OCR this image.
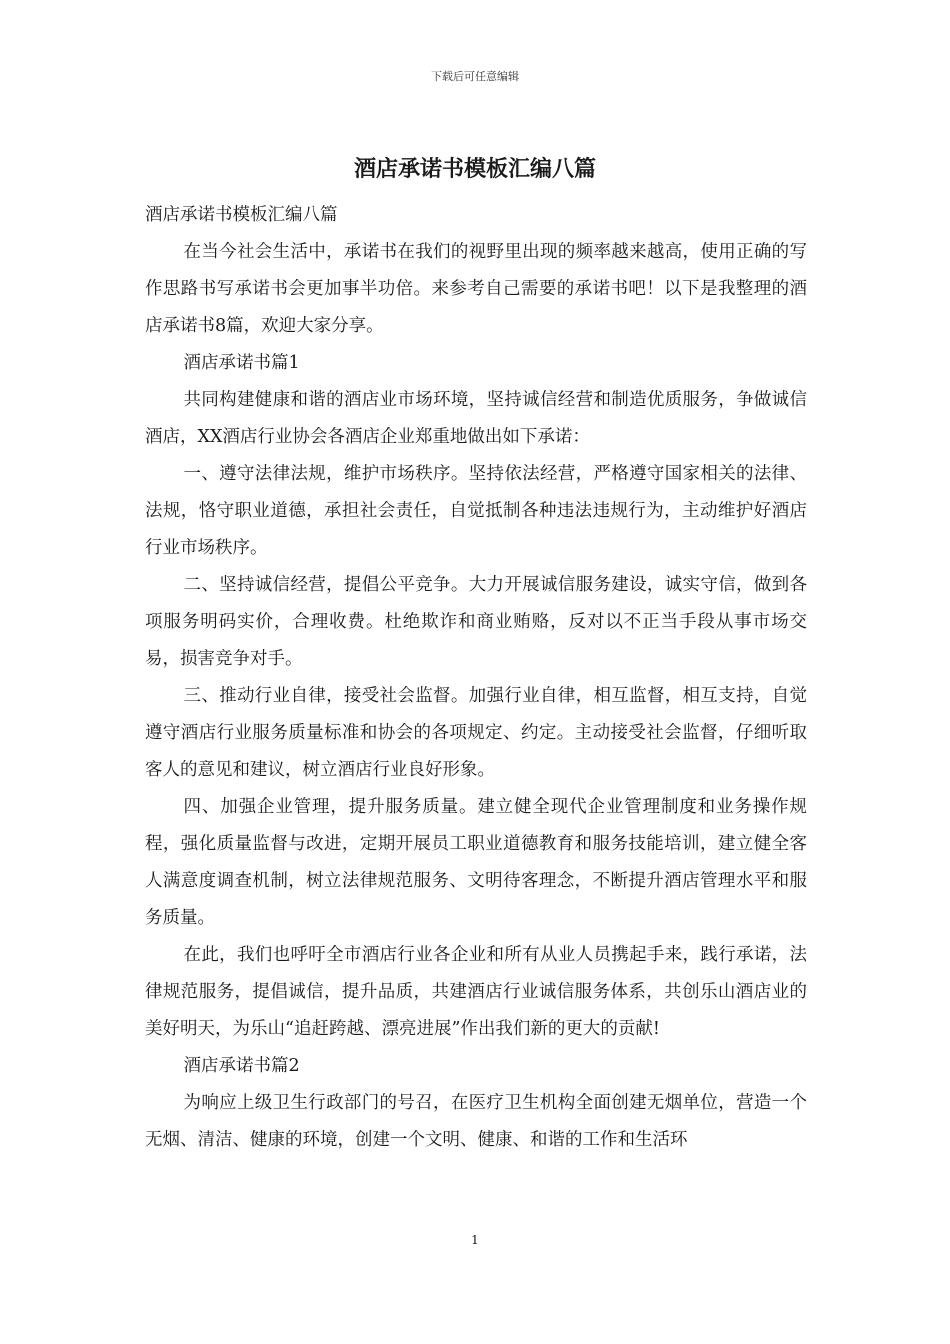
下载后可任意编辑
酒店承诺书模板汇编八篇

酒店承诺书模板汇编八篇

在当今社会生活中，承诺书在我们的视野里出现的频率越来越高，使用正确的写作思路书写承诺书会更加事半功倍。来参考自己需要的承诺书吧！以下是我整理的酒店承诺书8篇，欢迎大家分享。

酒店承诺书篇1

共同构建健康和谐的酒店业市场环境，坚持诚信经营和制造优质服务，争做诚信酒店，XX酒店行业协会各酒店企业郑重地做出如下承诺：

一、遵守法律法规，维护市场秩序。坚持依法经营，严格遵守国家相关的法律、法规，恪守职业道德，承担社会责任，自觉抵制各种违法违规行为，主动维护好酒店行业市场秩序。

二、坚持诚信经营，提倡公平竞争。大力开展诚信服务建设，诚实守信，做到各项服务明码实价，合理收费。杜绝欺诈和商业贿赂，反对以不正当手段从事市场交易，损害竞争对手。

三、推动行业自律，接受社会监督。加强行业自律，相互监督，相互支持，自觉遵守酒店行业服务质量标准和协会的各项规定、约定。主动接受社会监督，仔细听取客人的意见和建议，树立酒店行业良好形象。

四、加强企业管理，提升服务质量。建立健全现代企业管理制度和业务操作规程，强化质量监督与改进，定期开展员工职业道德教育和服务技能培训，建立健全客人满意度调查机制，树立法律规范服务、文明待客理念，不断提升酒店管理水平和服务质量。

在此，我们也呼吁全市酒店行业各企业和所有从业人员携起手来，践行承诺，法律规范服务，提倡诚信，提升品质，共建酒店行业诚信服务体系，共创乐山酒店业的美好明天，为乐山“追赶跨越、漂亮进展”作出我们新的更大的贡献!

酒店承诺书篇2

为响应上级卫生行政部门的号召，在医疗卫生机构全面创建无烟单位，营造一个无烟、清洁、健康的环境，创建一个文明、健康、和谐的工作和生活环

1
